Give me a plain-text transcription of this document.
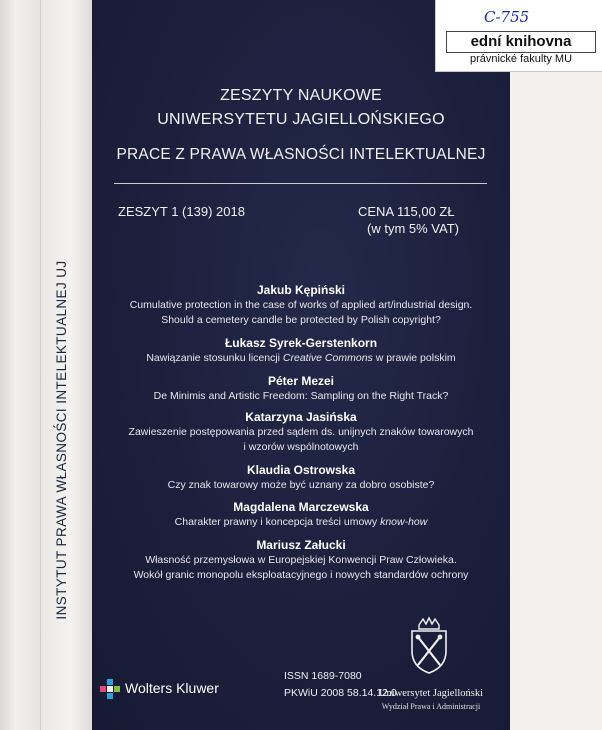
INSTYTUT PRAWA WŁASNOŚCI INTELEKTUALNEJ UJ
C-755
ední knihovna
právnické fakulty MU
ZESZYTY NAUKOWE
UNIWERSYTETU JAGIELLOŃSKIEGO
PRACE Z PRAWA WŁASNOŚCI INTELEKTUALNEJ
ZESZYT 1 (139) 2018	CENA 115,00 ZŁ
(w tym 5% VAT)
Jakub Kępiński
Cumulative protection in the case of works of applied art/industrial design.
Should a cemetery candle be protected by Polish copyright?
Łukasz Syrek-Gerstenkorn
Nawiązanie stosunku licencji Creative Commons w prawie polskim
Péter Mezei
De Minimis and Artistic Freedom: Sampling on the Right Track?
Katarzyna Jasińska
Zawieszenie postępowania przed sądem ds. unijnych znaków towarowych
i wzorów wspólnotowych
Klaudia Ostrowska
Czy znak towarowy może być uznany za dobro osobiste?
Magdalena Marczewska
Charakter prawny i koncepcja treści umowy know-how
Mariusz Załucki
Własność przemysłowa w Europejskiej Konwencji Praw Człowieka.
Wokół granic monopolu eksploatacyjnego i nowych standardów ochrony
Wolters Kluwer
ISSN 1689-7080
PKWiU 2008 58.14.12.0
Uniwersytet Jagielloński
Wydział Prawa i Administracji
